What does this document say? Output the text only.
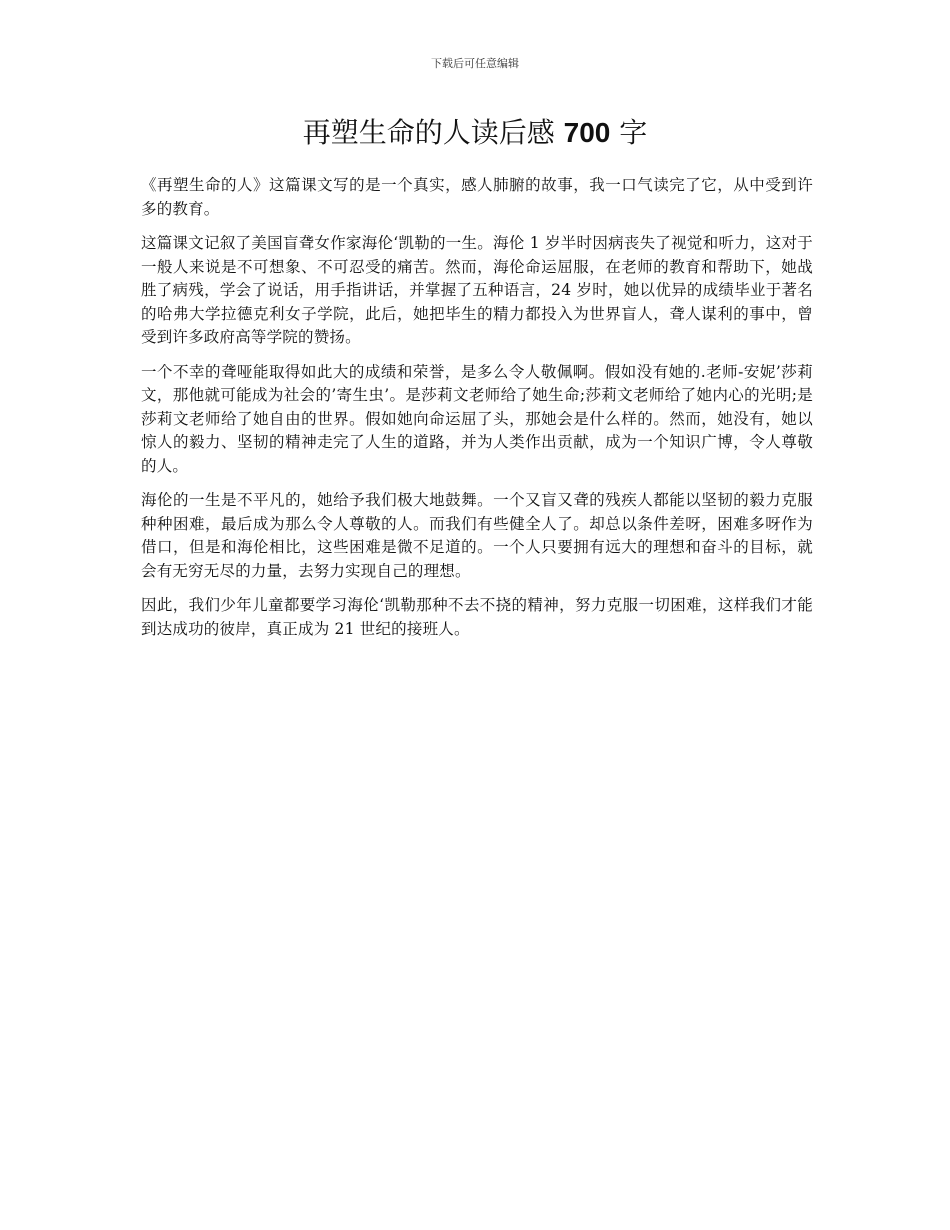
下载后可任意编辑
再塑生命的人读后感 700 字

《再塑生命的人》这篇课文写的是一个真实，感人肺腑的故事，我一口气读完了它，从中受到许多的教育。

这篇课文记叙了美国盲聋女作家海伦‘凯勒的一生。海伦 1 岁半时因病丧失了视觉和听力，这对于一般人来说是不可想象、不可忍受的痛苦。然而，海伦命运屈服，在老师的教育和帮助下，她战胜了病残，学会了说话，用手指讲话，并掌握了五种语言，24 岁时，她以优异的成绩毕业于著名的哈弗大学拉德克利女子学院，此后，她把毕生的精力都投入为世界盲人，聋人谋利的事中，曾受到许多政府高等学院的赞扬。

一个不幸的聋哑能取得如此大的成绩和荣誉，是多么令人敬佩啊。假如没有她的.老师-安妮’莎莉文，那他就可能成为社会的’寄生虫’。是莎莉文老师给了她生命;莎莉文老师给了她内心的光明;是莎莉文老师给了她自由的世界。假如她向命运屈了头，那她会是什么样的。然而，她没有，她以惊人的毅力、坚韧的精神走完了人生的道路，并为人类作出贡献，成为一个知识广博，令人尊敬的人。

海伦的一生是不平凡的，她给予我们极大地鼓舞。一个又盲又聋的残疾人都能以坚韧的毅力克服种种困难，最后成为那么令人尊敬的人。而我们有些健全人了。却总以条件差呀，困难多呀作为借口，但是和海伦相比，这些困难是微不足道的。一个人只要拥有远大的理想和奋斗的目标，就会有无穷无尽的力量，去努力实现自己的理想。

因此，我们少年儿童都要学习海伦‘凯勒那种不去不挠的精神，努力克服一切困难，这样我们才能到达成功的彼岸，真正成为 21 世纪的接班人。
